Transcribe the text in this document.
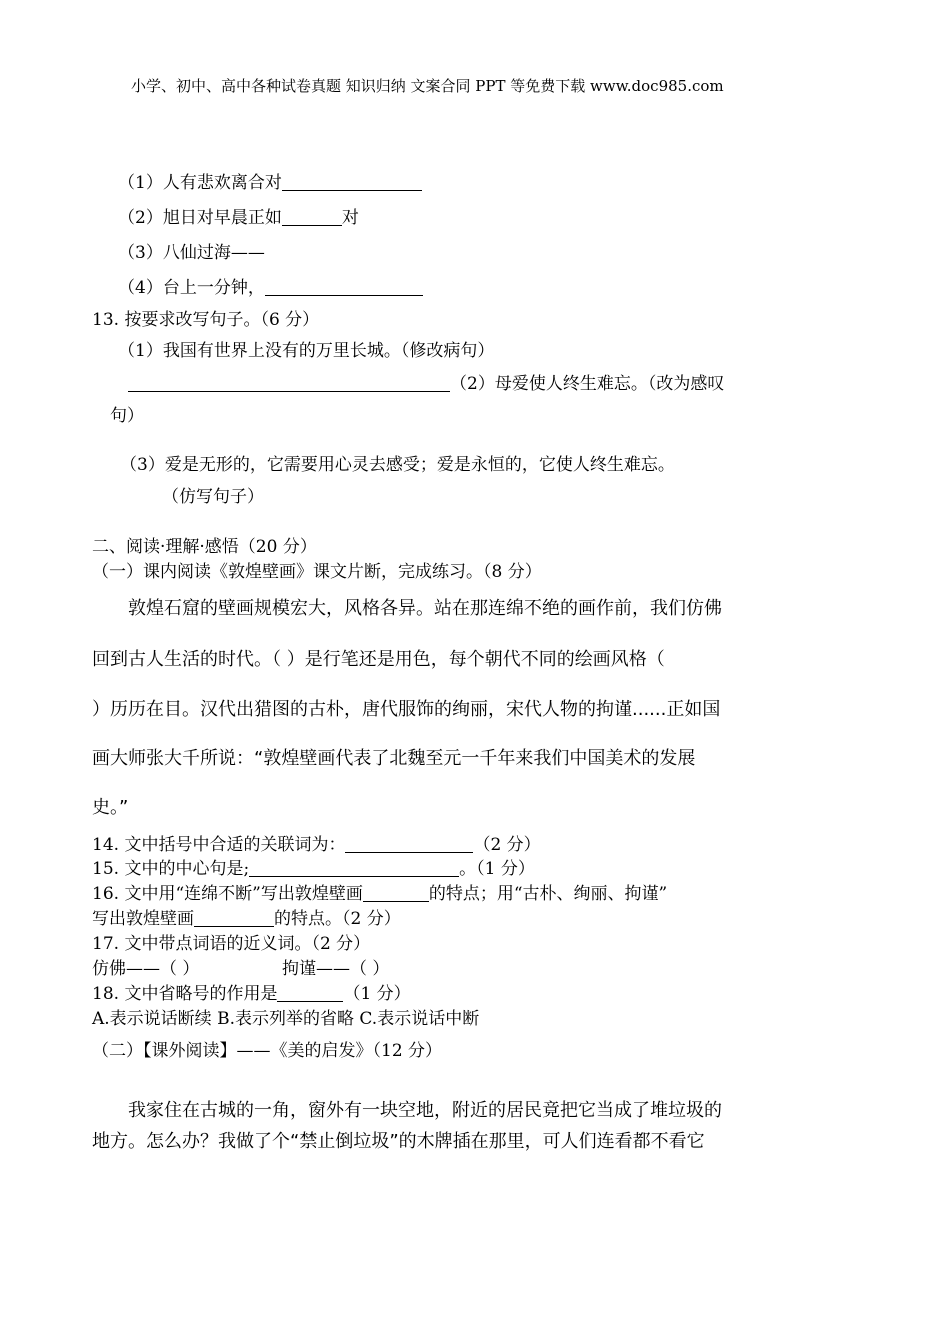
小学、初中、高中各种试卷真题 知识归纳 文案合同 PPT 等免费下载 www.doc985.com
（1）人有悲欢离合对
（2）旭日对早晨正如	对
（3）八仙过海——
（4）台上一分钟，
13. 按要求改写句子。（6 分）
（1）我国有世界上没有的万里长城。（修改病句）
（2）母爱使人终生难忘。（改为感叹
句）
（3）爱是无形的，它需要用心灵去感受；爱是永恒的，它使人终生难忘。
（仿写句子）
二、阅读·理解·感悟（20 分）
（一）课内阅读《敦煌壁画》课文片断，完成练习。（8 分）
敦煌石窟的壁画规模宏大，风格各异。站在那连绵不绝的画作前，我们仿佛
回到古人生活的时代。（ ）是行笔还是用色，每个朝代不同的绘画风格（
）历历在目。汉代出猎图的古朴，唐代服饰的绚丽，宋代人物的拘谨......正如国
画大师张大千所说：“敦煌壁画代表了北魏至元一千年来我们中国美术的发展
史。”
14. 文中括号中合适的关联词为：	（2 分）
15. 文中的中心句是;	。（1 分）
16. 文中用“连绵不断”写出敦煌壁画	的特点；用“古朴、绚丽、拘谨”
写出敦煌壁画	的特点。（2 分）
17. 文中带点词语的近义词。（2 分）
仿佛——（ ）	拘谨——（ ）
18. 文中省略号的作用是	（1 分）
A.表示说话断续 B.表示列举的省略 C.表示说话中断
（二）【课外阅读】——《美的启发》（12 分）
我家住在古城的一角，窗外有一块空地，附近的居民竟把它当成了堆垃圾的
地方。怎么办？我做了个“禁止倒垃圾”的木牌插在那里，可人们连看都不看它
